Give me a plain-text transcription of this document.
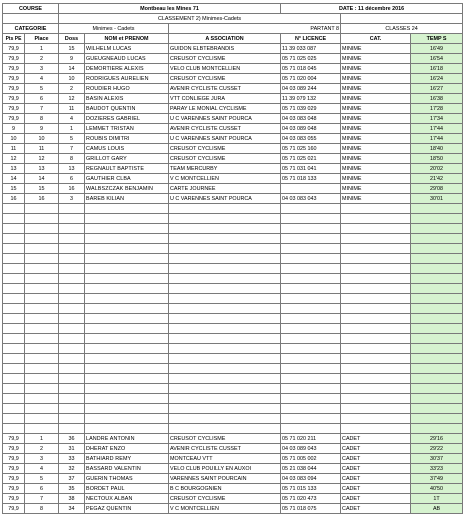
COURSE		Montbeau les Mines 71			DATE : 11 décembre 2016		
		CLASSEMENT 2) Minimes-Cadets					
CATEGORIE		Minimes - Cadets		PARTANT 8		CLASSES 24	
Pts PE	Place	Doss	NOM et PRENOM	A SSOCIATION	N° LICENCE	CAT.	TEMP S
79,9	1	15	WILHELM LUCAS	GUIDON ELBTEBRANDIS	11 39 033 087	MINIME	16'49
79,9	2	9	GUEUGNEAUD LUCAS	CREUSOT CYCLISME	05 71 025 025	MINIME	16'54
79,9	3	14	DEMORTIERE ALEXIS	VELO CLUB MONTCELLIEN	05 71 018 045	MINIME	16'18
79,9	4	10	RODRIGUES AURELIEN	CREUSOT CYCLISME	05 71 020 004	MINIME	16'24
79,9	5	2	ROUDIER HUGO	AVENIR CYCLISTE CUSSET	04 03 089 244	MINIME	16'27
79,9	6	12	BASIN ALEXIS	VTT CONLIEGE JURA	11 39 079 132	MINIME	16'38
79,9	7	11	BAUDOT QUENTIN	PARAY LE MONIAL CYCLISME	05 71 039 029	MINIME	17'28
79,9	8	4	DOZIERES GABRIEL	U C VARENNES SAINT POURCA	04 03 083 048	MINIME	17'34
9	9	1	LEMMET TRISTAN	AVENIR CYCLISTE CUSSET	04 03 089 048	MINIME	17'44
10	10	5	ROUBIS DIMITRI	U C VARENNES SAINT POURCA	04 03 083 055	MINIME	17'44
11	11	7	CAMUS LOUIS	CREUSOT CYCLISME	05 71 025 160	MINIME	18'40
12	12	8	GRILLOT GARY	CREUSOT CYCLISME	05 71 025 021	MINIME	18'50
13	13	13	REGNAULT BAPTISTE	TEAM MERCURBY	05 71 031 041	MINIME	20'02
14	14	6	GAUTHIER CLBA	V C MONTCELLIEN	05 71 018 133	MINIME	21'42
15	15	16	WALBSZCZAK BENJAMIN	CARTE JOURNEE		MINIME	29'08
16	16	3	BAREB KILIAN	U C VARENNES SAINT POURCA	04 03 083 043	MINIME	30'01

79,9	1	36	LANDRE ANTONIN	CREUSOT CYCLISME	05 71 020 211	CADET	29'16
79,9	2	31	DHERAT ENZO	AVENIR CYCLISTE CUSSET	04 03 089 043	CADET	29'22
79,9	3	33	BATHIARD REMY	MONTCEAU VTT	05 71 005 002	CADET	30'37
79,9	4	32	BASSARD VALENTIN	VELO CLUB POUILLY EN AUXOI	05 21 038 044	CADET	33'23
79,9	5	37	GUERIN THOMAS	VARENNES SAINT POURCAIN	04 03 083 094	CADET	37'49
79,9	6	35	BORDET PAUL	B C BOURGOGNIEN	05 71 015 133	CADET	40'50
79,9	7	38	NECTOUX ALBAN	CREUSOT CYCLISME	05 71 020 473	CADET	1T
79,9	8	34	PEGAZ QUENTIN	V C MONTCELLIEN	05 71 018 075	CADET	AB
